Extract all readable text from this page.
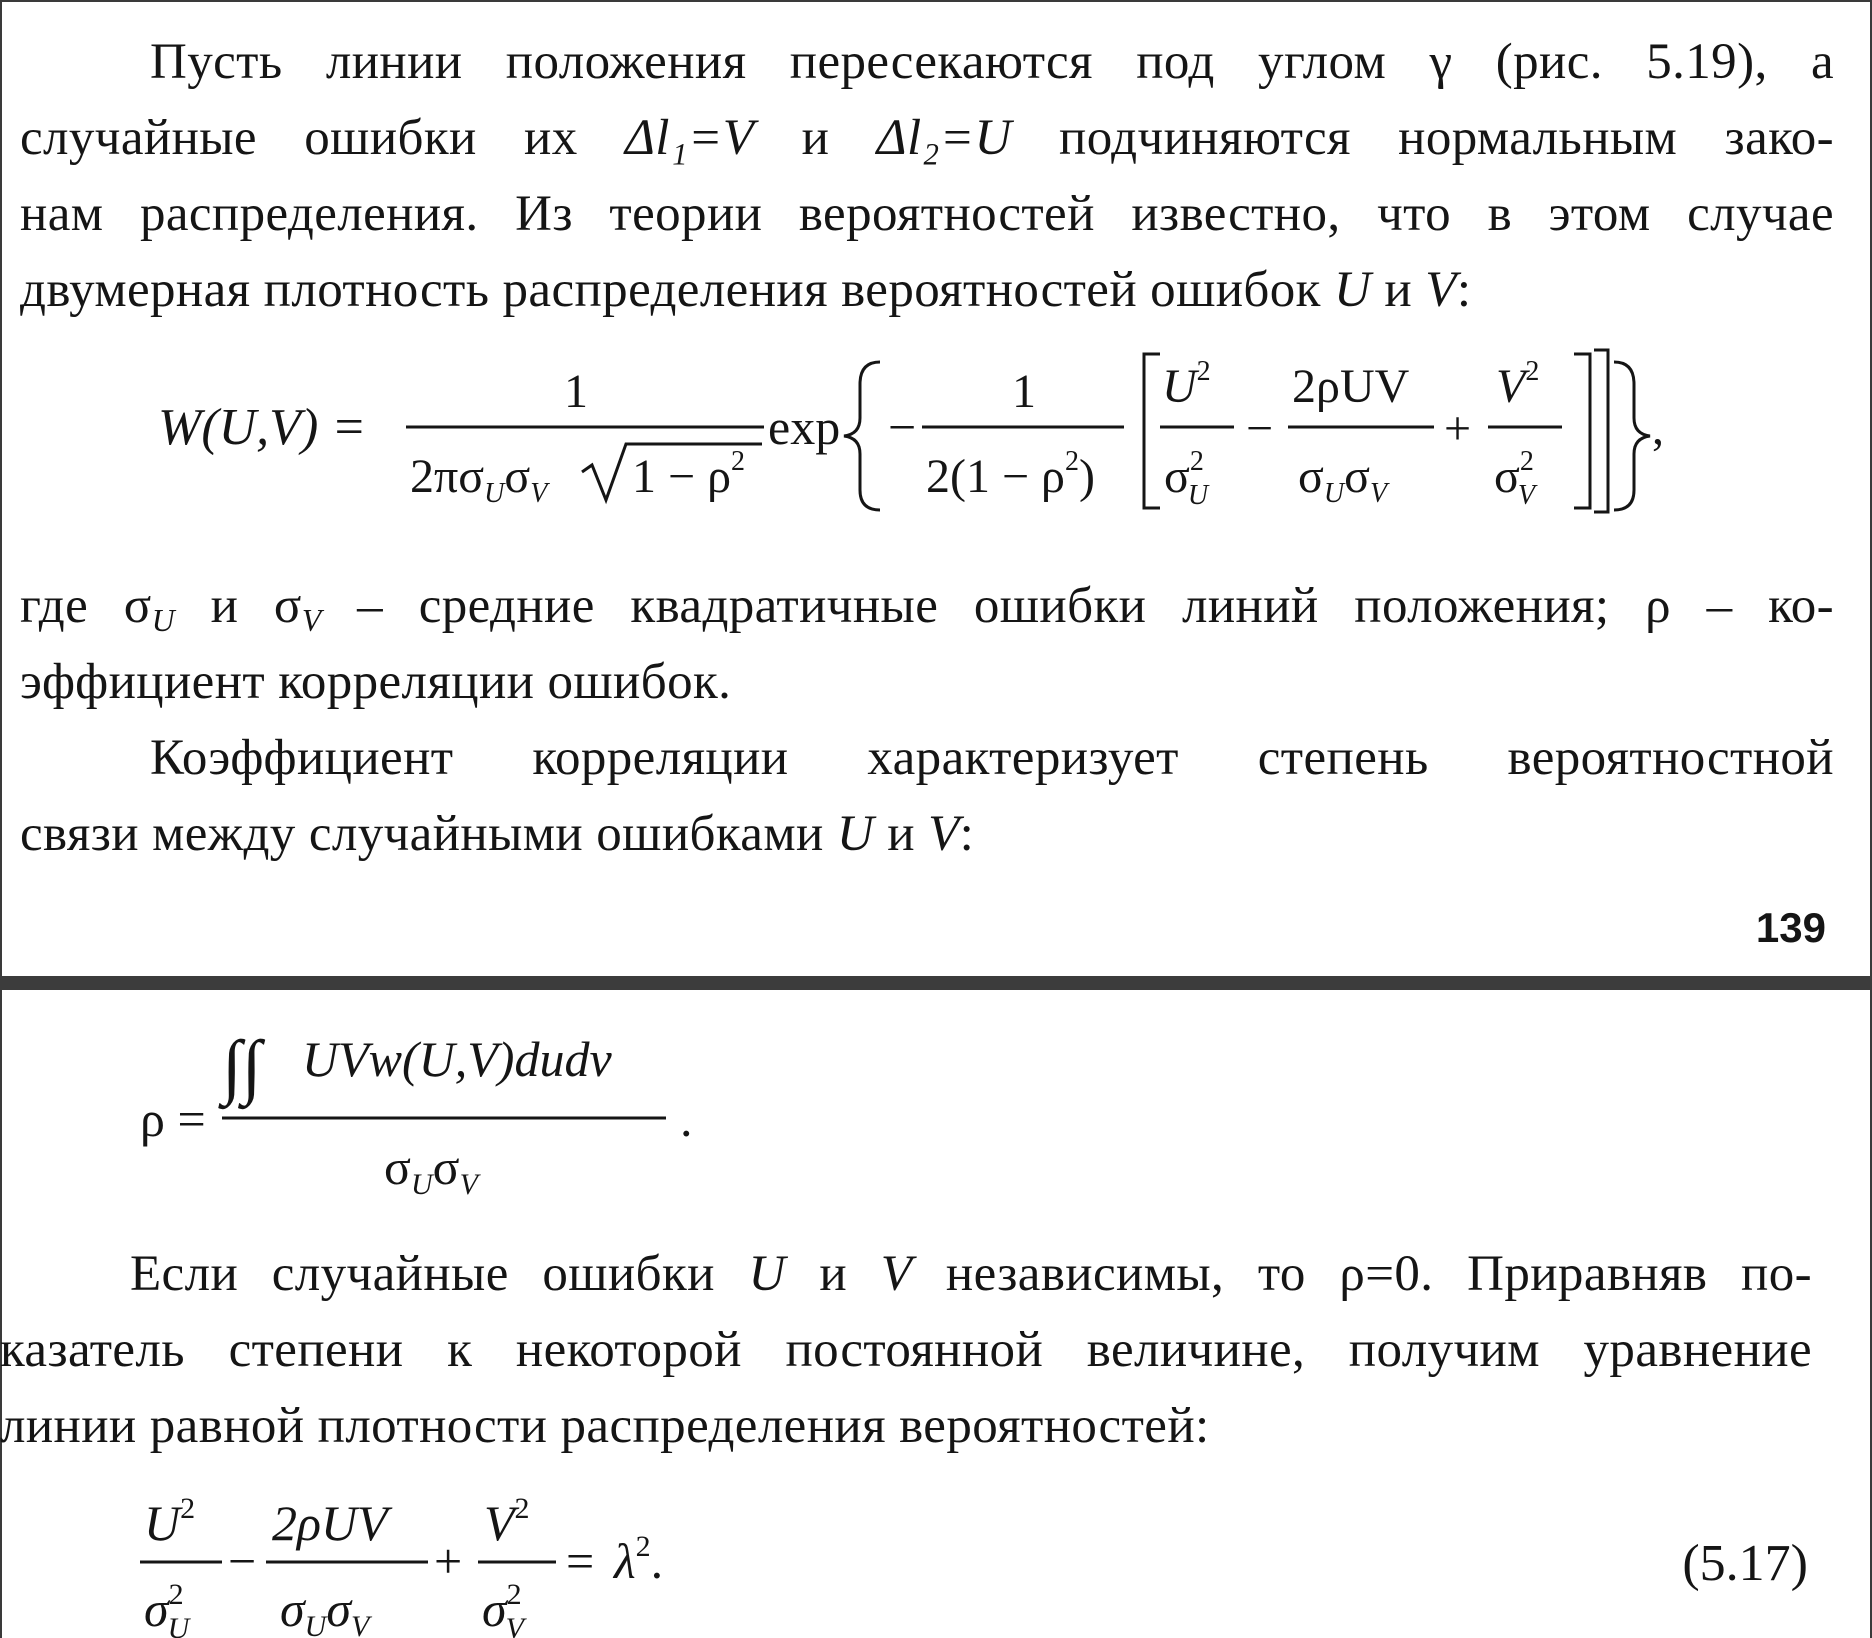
Пусть линии положения пересекаются под углом γ (рис. 5.19), а
случайные ошибки их Δl₁=V и Δl₂=U подчиняются нормальным зако-
нам распределения. Из теории вероятностей известно, что в этом случае
двумерная плотность распределения вероятностей ошибок U и V:
W(U,V) =
1
$2\pi\sigma_U\sigma_V$ $1 - \rho^2$
exp −
1
$2(1 - \rho^2)$
$U^2$
$\sigma^2$ U
−
2ρUV
$\sigma_U\sigma_V$
+
$V^2$
$\sigma^2$ V
,
где $\sigma_U$ и $\sigma_V$ – средние квадратичные ошибки линий положения; ρ – ко-
эффициент корреляции ошибок.
Коэффициент корреляции характеризует степень вероятностной
связи между случайными ошибками U и V:
139
ρ =
∫∫ UVw(U,V)dudv
$\sigma_U\sigma_V$
.
Если случайные ошибки U и V независимы, то ρ=0. Приравняв по-
казатель степени к некоторой постоянной величине, получим уравнение
линии равной плотности распределения вероятностей:
$U^2$
$\sigma^2$ U
−
2ρUV
$\sigma_U\sigma_V$
+
$V^2$
$\sigma^2$ V
= $\lambda^2$.	(5.17)
